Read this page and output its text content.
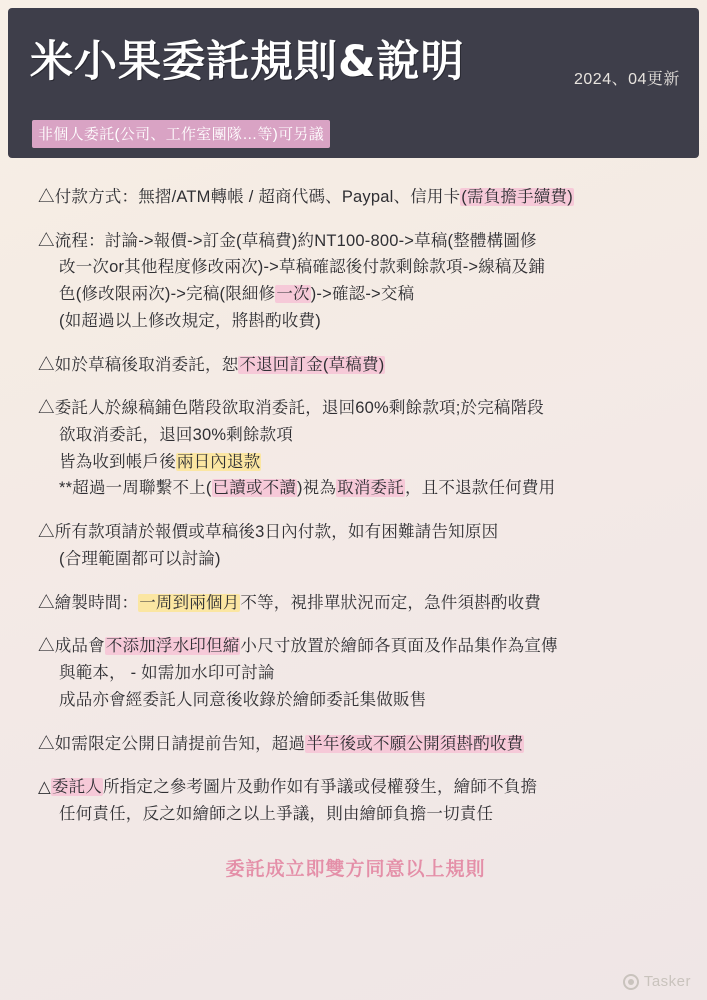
米小果委託規則&說明	2024、04更新
非個人委託(公司、工作室團隊…等)可另議
△付款方式：無摺/ATM轉帳 / 超商代碼、Paypal、信用卡(需負擔手續費)

△流程：討論->報價->訂金(草稿費)約NT100-800->草稿(整體構圖修

改一次or其他程度修改兩次)->草稿確認後付款剩餘款項->線稿及鋪
色(修改限兩次)->完稿(限細修一次)->確認->交稿
(如超過以上修改規定，將斟酌收費)
△如於草稿後取消委託，恕不退回訂金(草稿費)

△委託人於線稿鋪色階段欲取消委託，退回60%剩餘款項;於完稿階段

欲取消委託，退回30%剩餘款項
皆為收到帳戶後兩日內退款
**超過一周聯繫不上(已讀或不讀)視為取消委託，且不退款任何費用
△所有款項請於報價或草稿後3日內付款，如有困難請告知原因

(合理範圍都可以討論)
△繪製時間：一周到兩個月不等，視排單狀況而定，急件須斟酌收費

△成品會不添加浮水印但縮小尺寸放置於繪師各頁面及作品集作為宣傳

與範本， - 如需加水印可討論
成品亦會經委託人同意後收錄於繪師委託集做販售
△如需限定公開日請提前告知，超過半年後或不願公開須斟酌收費

△委託人所指定之參考圖片及動作如有爭議或侵權發生，繪師不負擔

任何責任，反之如繪師之以上爭議，則由繪師負擔一切責任
委託成立即雙方同意以上規則
Tasker
